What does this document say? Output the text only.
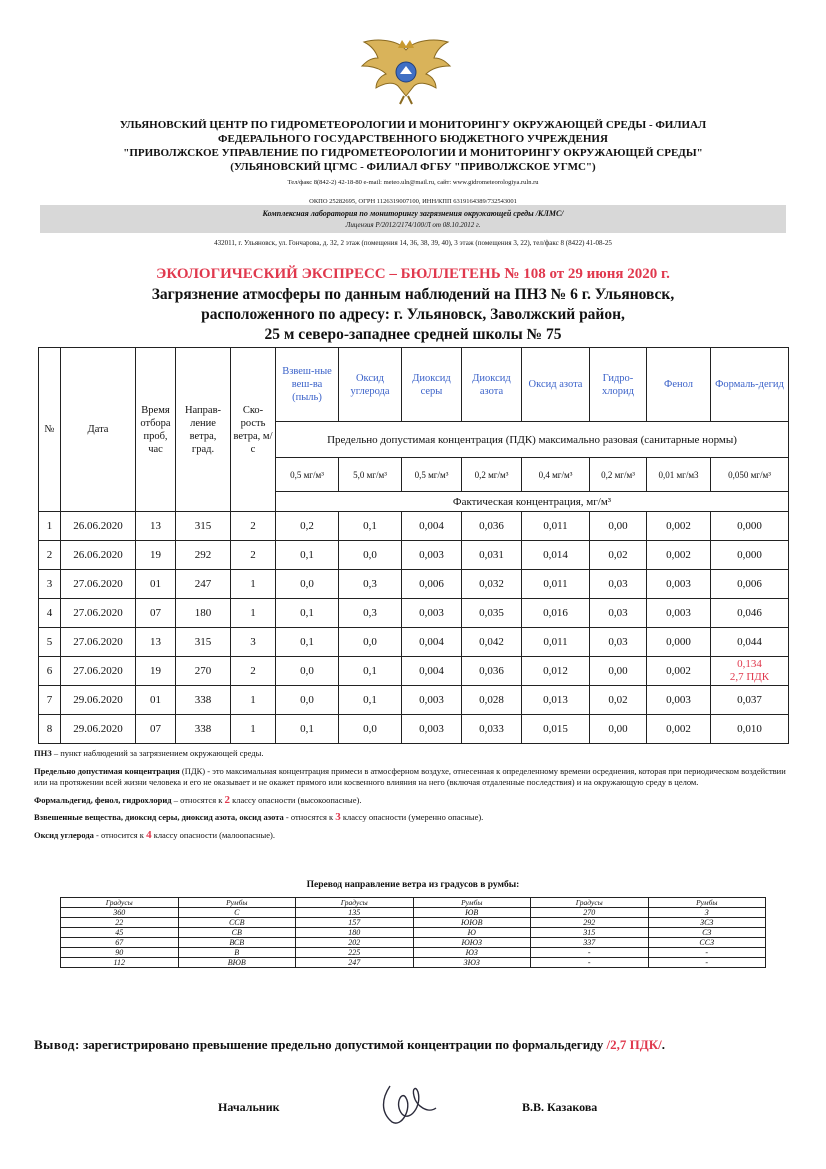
УЛЬЯНОВСКИЙ ЦЕНТР ПО ГИДРОМЕТЕОРОЛОГИИ И МОНИТОРИНГУ ОКРУЖАЮЩЕЙ СРЕДЫ - ФИЛИАЛ
ФЕДЕРАЛЬНОГО ГОСУДАРСТВЕННОГО БЮДЖЕТНОГО УЧРЕЖДЕНИЯ
"ПРИВОЛЖСКОЕ УПРАВЛЕНИЕ ПО ГИДРОМЕТЕОРОЛОГИИ И МОНИТОРИНГУ ОКРУЖАЮЩЕЙ СРЕДЫ"
(УЛЬЯНОВСКИЙ ЦГМС - ФИЛИАЛ ФГБУ "ПРИВОЛЖСКОЕ УГМС")
Тел/факс 8(842-2) 42-18-80 e-mail: meteo.uln@mail.ru, сайт: www.gidrometeorologiya.ruln.ru
ОКПО 25282695, ОГРН 1126319007100, ИНН/КПП 6319164389/732543001
Комплексная лаборатория по мониторингу загрязнения окружающей среды /КЛМС/
Лицензия Р/2012/2174/100/Л от 08.10.2012 г.
432011, г. Ульяновск, ул. Гончарова, д. 32, 2 этаж (помещения 14, 36, 38, 39, 40), 3 этаж (помещения 3, 22), тел/факс 8 (8422) 41-08-25
ЭКОЛОГИЧЕСКИЙ ЭКСПРЕСС – БЮЛЛЕТЕНЬ № 108 от 29 июня 2020 г.
Загрязнение атмосферы по данным наблюдений на ПНЗ № 6 г. Ульяновск,
расположенного по адресу: г. Ульяновск, Заволжский район,
25 м северо-западнее средней школы № 75
№	Дата	Время отбора проб, час	Направ-ление ветра, град.	Ско-рость ветра, м/с	Взвеш-ные веш-ва (пыль)	Оксид углерода	Диоксид серы	Диоксид азота	Оксид азота	Гидро-хлорид	Фенол	Формаль-дегид
					Предельно допустимая концентрация (ПДК) максимально разовая (санитарные нормы)							
					0,5 мг/м³	5,0 мг/м³	0,5 мг/м³	0,2 мг/м³	0,4 мг/м³	0,2 мг/м³	0,01 мг/м3	0,050 мг/м³
					Фактическая концентрация, мг/м³							
1	26.06.2020	13	315	2	0,2	0,1	0,004	0,036	0,011	0,00	0,002	0,000
2	26.06.2020	19	292	2	0,1	0,0	0,003	0,031	0,014	0,02	0,002	0,000
3	27.06.2020	01	247	1	0,0	0,3	0,006	0,032	0,011	0,03	0,003	0,006
4	27.06.2020	07	180	1	0,1	0,3	0,003	0,035	0,016	0,03	0,003	0,046
5	27.06.2020	13	315	3	0,1	0,0	0,004	0,042	0,011	0,03	0,000	0,044
6	27.06.2020	19	270	2	0,0	0,1	0,004	0,036	0,012	0,00	0,002	0,134
2,7 ПДК

7	29.06.2020	01	338	1	0,0	0,1	0,003	0,028	0,013	0,02	0,003	0,037
8	29.06.2020	07	338	1	0,1	0,0	0,003	0,033	0,015	0,00	0,002	0,010

ПНЗ – пункт наблюдений за загрязнением окружающей среды.

Предельно допустимая концентрация (ПДК) - это максимальная концентрация примеси в атмосферном воздухе, отнесенная к определенному времени осреднения, которая при периодическом воздействии или на протяжении всей жизни человека и его не оказывает и не окажет прямого или косвенного влияния на него (включая отдаленные последствия) и на окружающую среду в целом.

Формальдегид, фенол, гидрохлорид – относятся к 2 классу опасности (высокоопасные).

Взвешенные вещества, диоксид серы, диоксид азота, оксид азота - относятся к 3 классу опасности (умеренно опасные).

Оксид углерода - относится к 4 классу опасности (малоопасные).

Перевод направление ветра из градусов в румбы:
Градусы	Румбы	Градусы	Румбы	Градусы	Румбы
360	С	135	ЮВ	270	З
22	ССВ	157	ЮЮВ	292	ЗСЗ
45	СВ	180	Ю	315	СЗ
67	ВСВ	202	ЮЮЗ	337	ССЗ
90	В	225	ЮЗ	-	-
112	ВЮВ	247	ЗЮЗ	-	-
Вывод: зарегистрировано превышение предельно допустимой концентрации по формальдегиду /2,7 ПДК/.
Начальник	В.В. Казакова
